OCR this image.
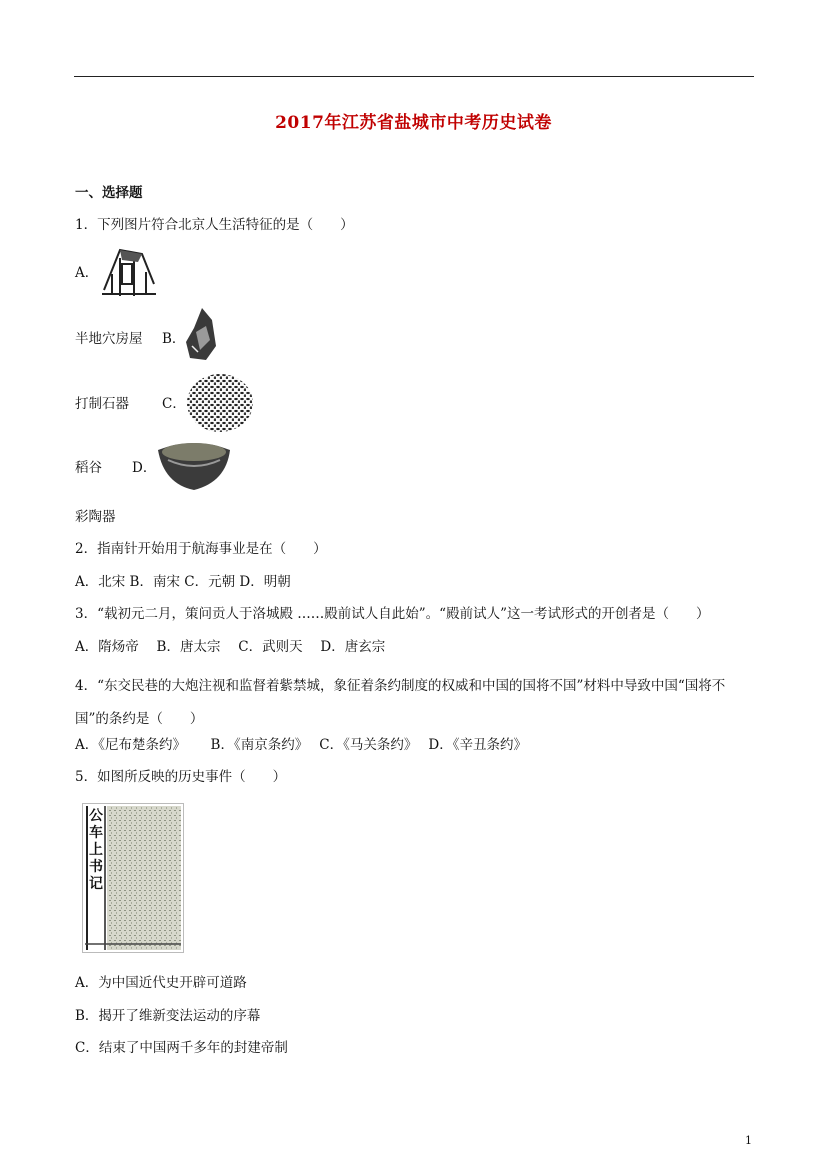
2017年江苏省盐城市中考历史试卷
一、选择题
1．下列图片符合北京人生活特征的是（　　）
A．
半地穴房屋 B．
打制石器 C．
稻谷 D．
彩陶器
2．指南针开始用于航海事业是在（　　）
A．北宋 B．南宋 C．元朝 D．明朝
3．“载初元二月，策问贡人于洛城殿 ……殿前试人自此始”。“殿前试人”这一考试形式的开创者是（　　）
A．隋炀帝　 B．唐太宗　 C．武则天　 D．唐玄宗
4．“东交民巷的大炮注视和监督着紫禁城，象征着条约制度的权威和中国的国将不国”材料中导致中国“国将不国”的条约是（　　）
A．《尼布楚条约》　　 B．《南京条约》　 C．《马关条约》　 D．《辛丑条约》
5．如图所反映的历史事件（　　）
公车上书记
A．为中国近代史开辟可道路
B．揭开了维新变法运动的序幕
C．结束了中国两千多年的封建帝制
1
